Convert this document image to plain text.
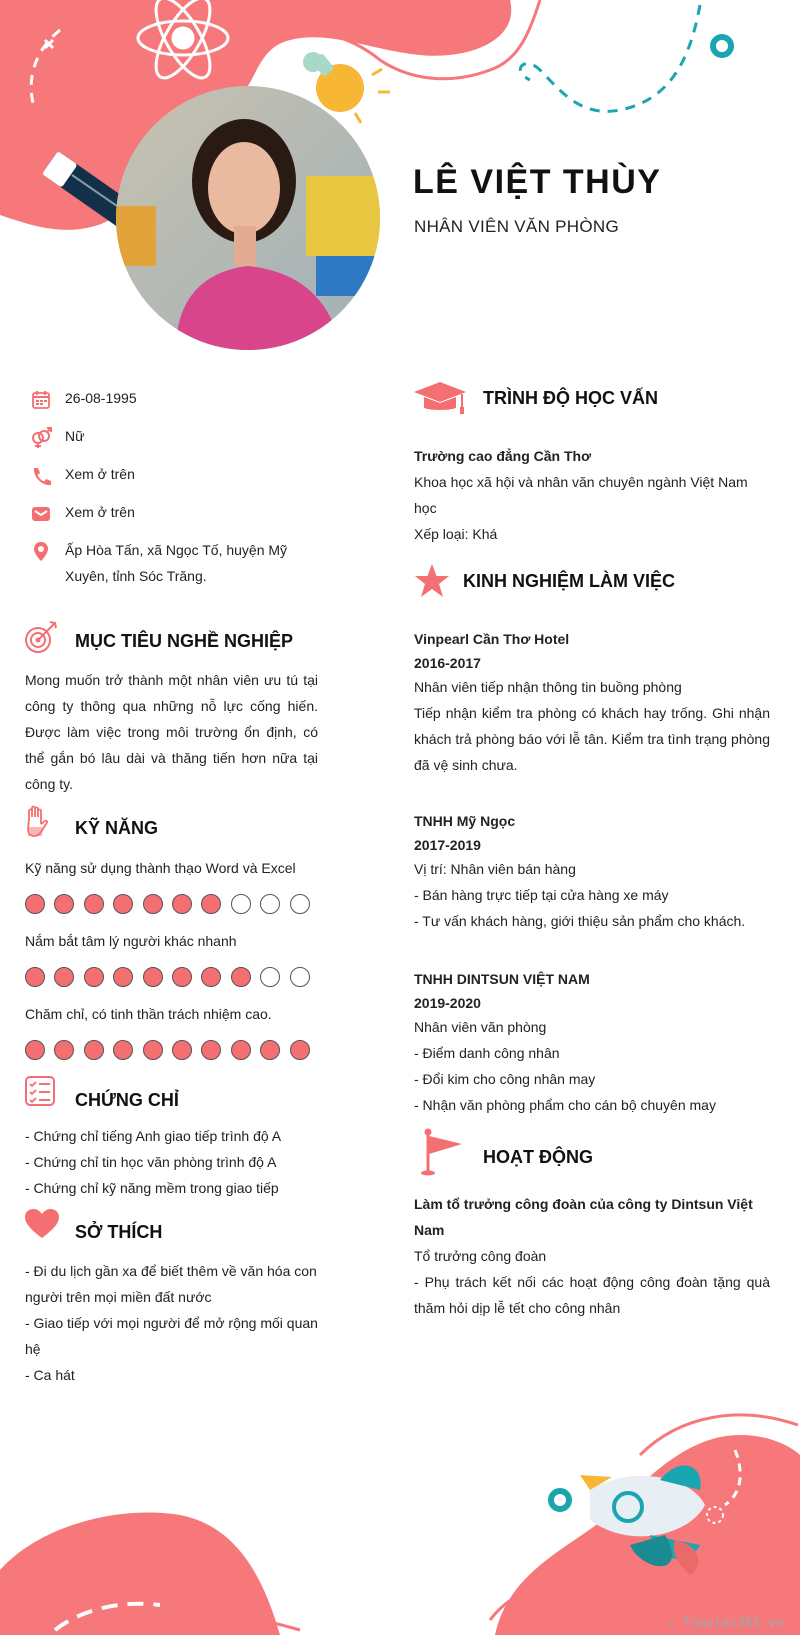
LÊ VIỆT THÙY
NHÂN VIÊN VĂN PHÒNG
26-08-1995
Nữ
Xem ở trên
Xem ở trên
Ấp Hòa Tấn, xã Ngọc Tố, huyện Mỹ Xuyên, tỉnh Sóc Trăng.
MỤC TIÊU NGHỀ NGHIỆP
Mong muốn trở thành một nhân viên ưu tú tại công ty thông qua những nỗ lực cống hiến. Được làm việc trong môi trường ổn định, có thể gắn bó lâu dài và thăng tiến hơn nữa tại công ty.
KỸ NĂNG
Kỹ năng sử dụng thành thạo Word và Excel
Nắm bắt tâm lý người khác nhanh
Chăm chỉ, có tinh thần trách nhiệm cao.
CHỨNG CHỈ

- Chứng chỉ tiếng Anh giao tiếp trình độ A

- Chứng chỉ tin học văn phòng trình độ A

- Chứng chỉ kỹ năng mềm trong giao tiếp

SỞ THÍCH

- Đi du lịch gần xa để biết thêm về văn hóa con người trên mọi miền đất nước

- Giao tiếp với mọi người để mở rộng mối quan hệ

- Ca hát

TRÌNH ĐỘ HỌC VẤN

Trường cao đẳng Cần Thơ

Khoa học xã hội và nhân văn chuyên ngành Việt Nam học

Xếp loại: Khá

KINH NGHIỆM LÀM VIỆC

Vinpearl Cần Thơ Hotel

2016-2017

Nhân viên tiếp nhận thông tin buồng phòng

Tiếp nhận kiểm tra phòng có khách hay trống. Ghi nhận khách trả phòng báo với lễ tân. Kiểm tra tình trạng phòng đã vệ sinh chưa.

TNHH Mỹ Ngọc

2017-2019

Vị trí: Nhân viên bán hàng

- Bán hàng trực tiếp tại cửa hàng xe máy

- Tư vấn khách hàng, giới thiệu sản phẩm cho khách.

TNHH DINTSUN VIỆT NAM

2019-2020

Nhân viên văn phòng

- Điểm danh công nhân

- Đổi kim cho công nhân may

- Nhận văn phòng phẩm cho cán bộ chuyên may

HOẠT ĐỘNG

Làm tổ trưởng công đoàn của công ty Dintsun Việt Nam

Tổ trưởng công đoàn

- Phụ trách kết nối các hoạt động công đoàn tặng quà thăm hỏi dịp lễ tết cho công nhân

∴ Timviec365.vn
